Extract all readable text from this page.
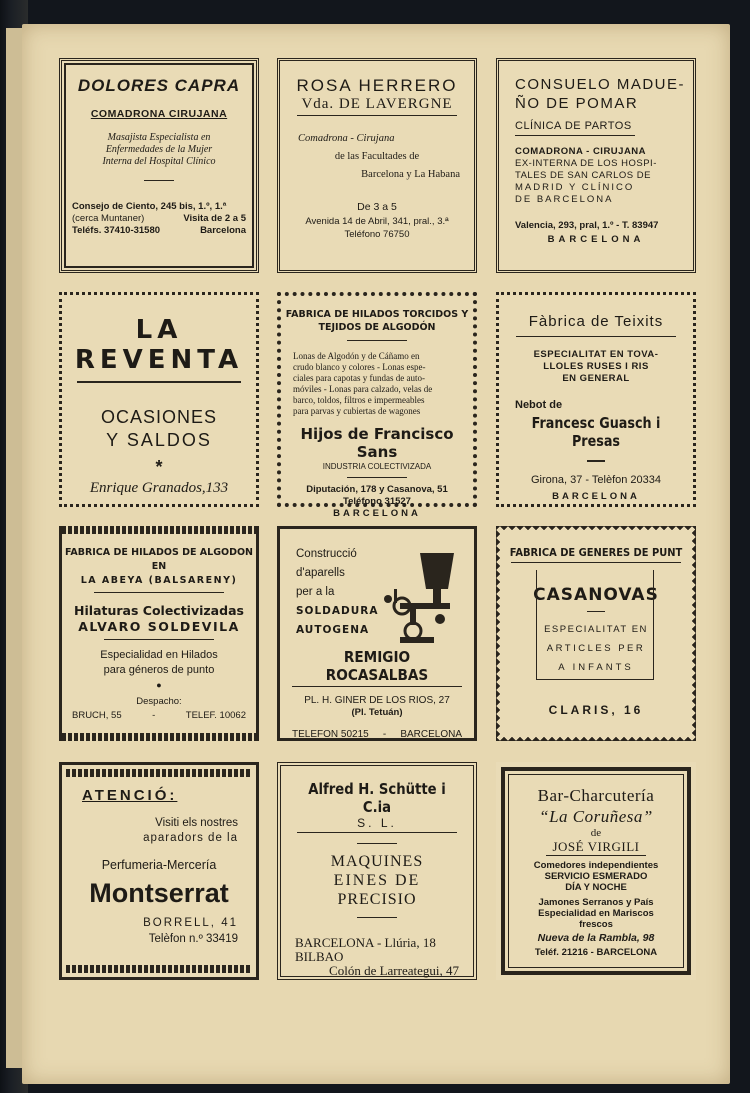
DOLORES CAPRA
COMADRONA CIRUJANA
Masajista Especialista en
Enfermedades de la Mujer
Interna del Hospital Clínico
Consejo de Ciento, 245 bis, 1.º, 1.ª
(cerca Muntaner)	Visita de 2 a 5
Teléfs. 37410-31580	Barcelona
ROSA HERRERO
Vda. DE LAVERGNE
Comadrona - Cirujana
de las Facultades de
Barcelona y La Habana
De 3 a 5
Avenida 14 de Abril, 341, pral., 3.ª
Teléfono 76750
CONSUELO MADUE-
ÑO DE POMAR
CLÍNICA DE PARTOS
COMADRONA - CIRUJANA
EX-INTERNA DE LOS HOSPI-
TALES DE SAN CARLOS DE
MADRID Y CLÍNICO
DE BARCELONA
Valencia, 293, pral, 1.º - T. 83947
BARCELONA
LA REVENTA
OCASIONES
Y SALDOS
*
Enrique Granados,133
FABRICA DE HILADOS TORCIDOS Y
TEJIDOS DE ALGODÓN
Lonas de Algodón y de Cáñamo en
crudo blanco y colores - Lonas espe-
ciales para capotas y fundas de auto-
móviles - Lonas para calzado, velas de
barco, toldos, filtros e impermeables
para parvas y cubiertas de wagones
Hijos de Francisco Sans
INDUSTRIA COLECTIVIZADA
Diputación, 178 y Casanova, 51
Teléfono 31527
BARCELONA
Fàbrica de Teixits
ESPECIALITAT EN TOVA-
LLOLES RUSES I RIS
EN GENERAL
Nebot de
Francesc Guasch i Presas
Girona, 37 - Telèfon 20334
BARCELONA
FABRICA DE HILADOS DE ALGODON EN
LA ABEYA (BALSARENY)
Hilaturas Colectivizadas
ALVARO SOLDEVILA
Especialidad en Hilados
para géneros de punto
●
Despacho:
BRUCH, 55	-	TELEF. 10062
Construcció
d'aparells
per a la
SOLDADURA
AUTOGENA
REMIGIO ROCASALBAS
PL. H. GINER DE LOS RIOS, 27
(Pl. Tetuán)
TELEFON 50215 - BARCELONA
FABRICA DE GENERES DE PUNT
CASANOVAS
ESPECIALITAT EN
ARTICLES PER
A INFANTS
CLARIS, 16
ATENCIÓ:
Visiti els nostres
aparadors de la
Perfumeria-Mercería
Montserrat
BORRELL, 41
Telèfon n.º 33419
Alfred H. Schütte i C.ia
S. L.
MAQUINES
EINES DE
PRECISIO
BARCELONA - Llúria, 18
BILBAO
Colón de Larreategui, 47
Bar-Charcutería
“La Coruñesa”
de
JOSÉ VIRGILI
Comedores independientes
SERVICIO ESMERADO
DÍA Y NOCHE
Jamones Serranos y País
Especialidad en Mariscos
frescos
Nueva de la Rambla, 98
Teléf. 21216 - BARCELONA
